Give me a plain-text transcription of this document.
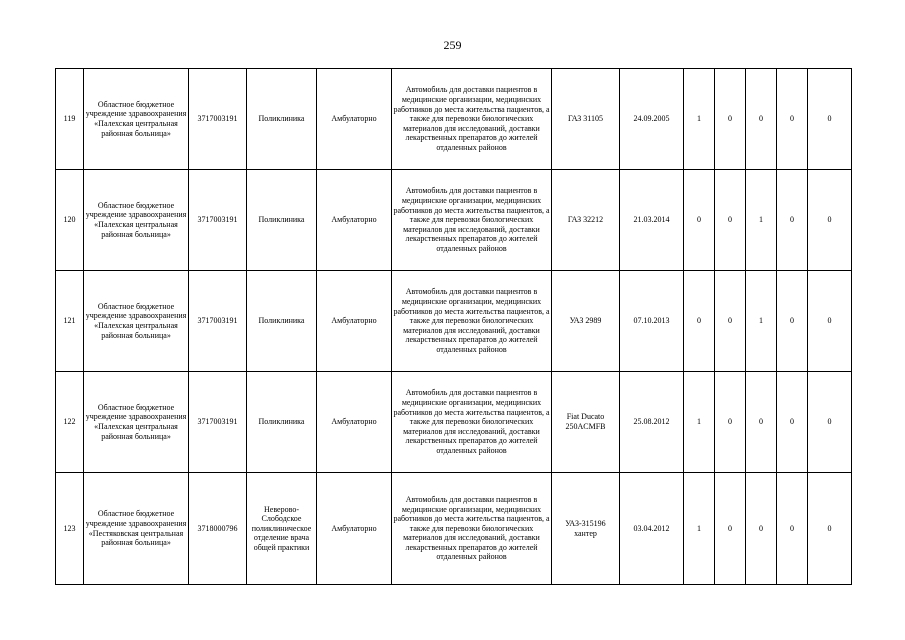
259
119	Областное бюджетное учреждение здравоохранения «Палехская центральная районная больница»	3717003191	Поликлиника	Амбулаторно	Автомобиль для доставки пациентов в медицинские организации, медицинских работников до места жительства пациентов, а также для перевозки биологических материалов для исследований, доставки лекарственных препаратов до жителей отдаленных районов	ГАЗ 31105	24.09.2005	1	0	0	0	0
120	Областное бюджетное учреждение здравоохранения «Палехская центральная районная больница»	3717003191	Поликлиника	Амбулаторно	Автомобиль для доставки пациентов в медицинские организации, медицинских работников до места жительства пациентов, а также для перевозки биологических материалов для исследований, доставки лекарственных препаратов до жителей отдаленных районов	ГАЗ 32212	21.03.2014	0	0	1	0	0
121	Областное бюджетное учреждение здравоохранения «Палехская центральная районная больница»	3717003191	Поликлиника	Амбулаторно	Автомобиль для доставки пациентов в медицинские организации, медицинских работников до места жительства пациентов, а также для перевозки биологических материалов для исследований, доставки лекарственных препаратов до жителей отдаленных районов	УАЗ 2989	07.10.2013	0	0	1	0	0
122	Областное бюджетное учреждение здравоохранения «Палехская центральная районная больница»	3717003191	Поликлиника	Амбулаторно	Автомобиль для доставки пациентов в медицинские организации, медицинских работников до места жительства пациентов, а также для перевозки биологических материалов для исследований, доставки лекарственных препаратов до жителей отдаленных районов	Fiat Ducato 250ACMFB	25.08.2012	1	0	0	0	0
123	Областное бюджетное учреждение здравоохранения «Пестяковская центральная районная больница»	3718000796	Неверово-Слободское поликлиническое отделение врача общей практики	Амбулаторно	Автомобиль для доставки пациентов в медицинские организации, медицинских работников до места жительства пациентов, а также для перевозки биологических материалов для исследований, доставки лекарственных препаратов до жителей отдаленных районов	УАЗ-315196 хантер	03.04.2012	1	0	0	0	0
